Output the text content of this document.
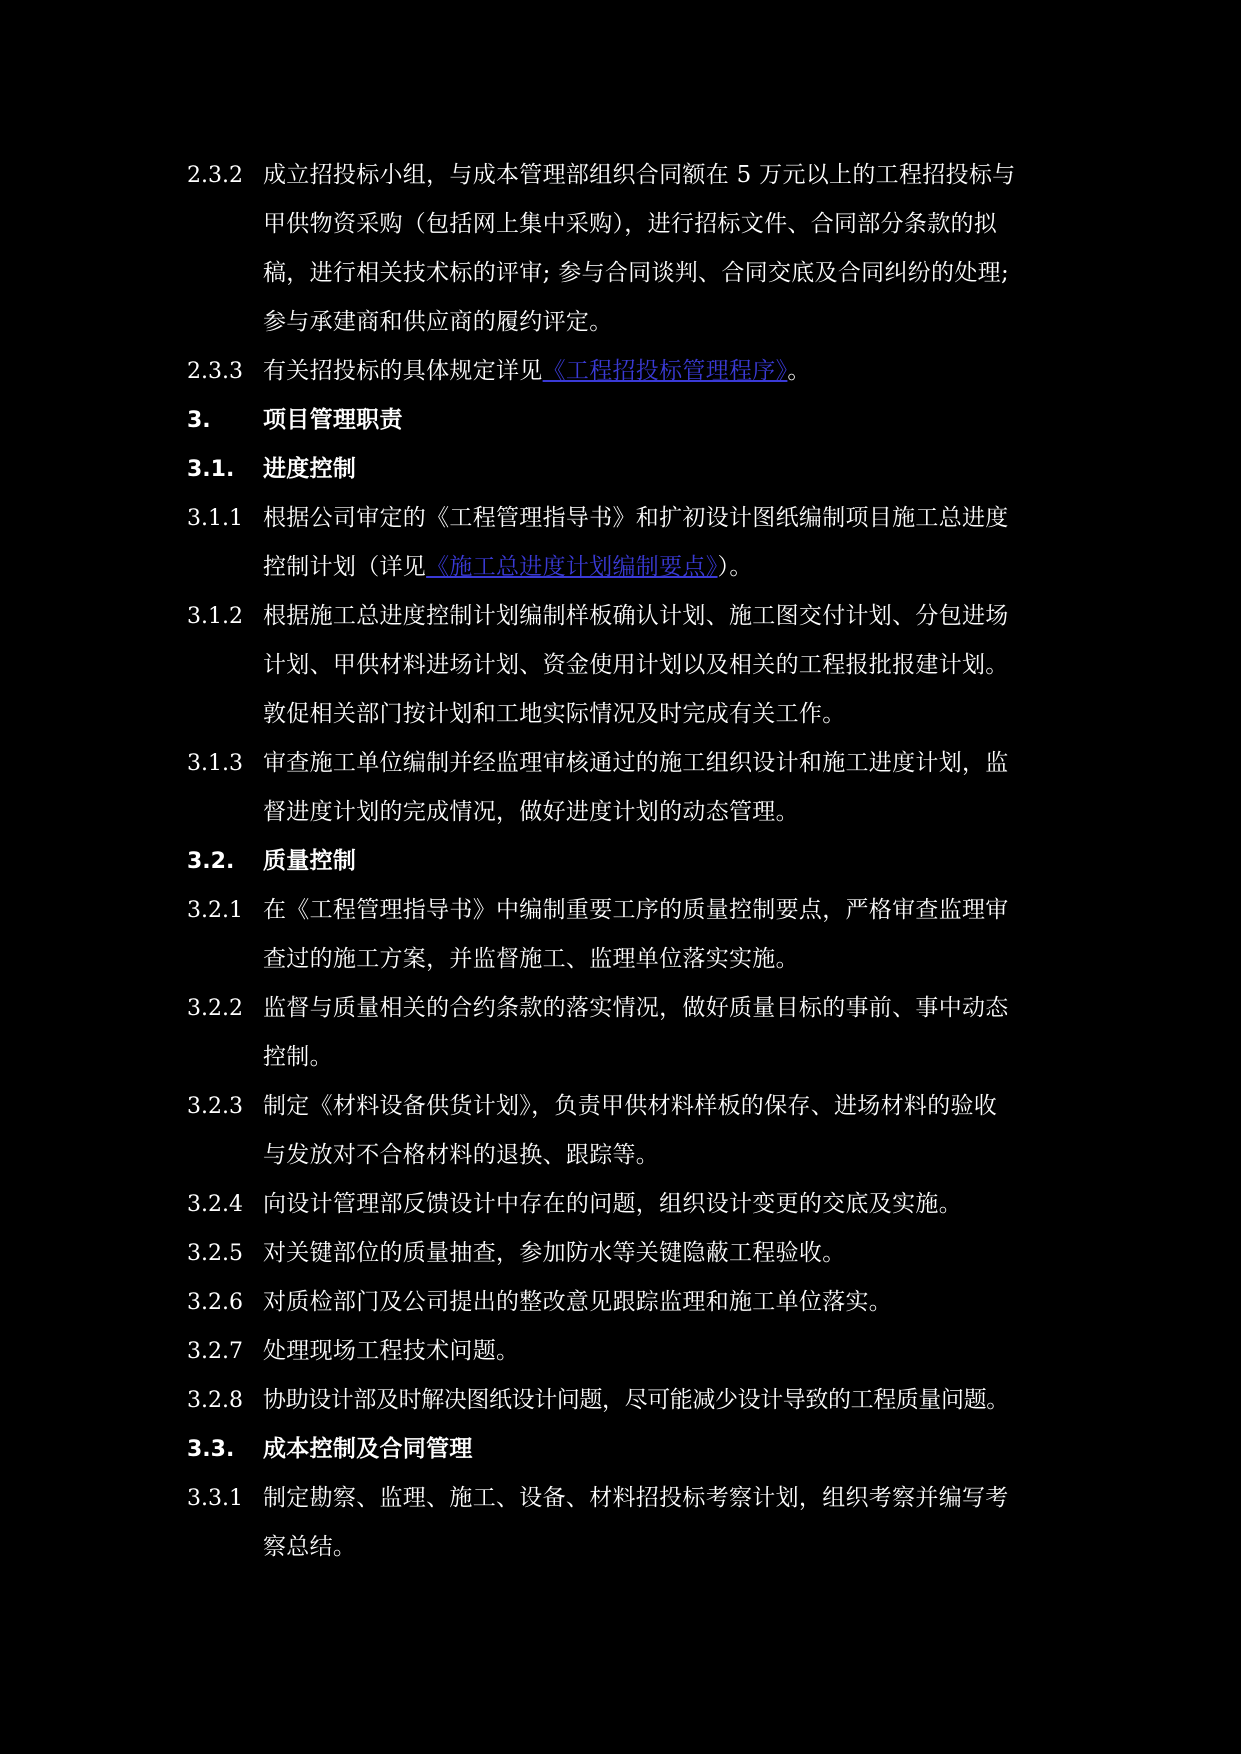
2.3.2 成立招投标小组，与成本管理部组织合同额在 5 万元以上的工程招投标与
甲供物资采购（包括网上集中采购），进行招标文件、合同部分条款的拟
稿，进行相关技术标的评审; 参与合同谈判、合同交底及合同纠纷的处理;
参与承建商和供应商的履约评定。
2.3.3 有关招投标的具体规定详见《工程招投标管理程序》。
3.	项目管理职责
3.1.	进度控制
3.1.1 根据公司审定的《工程管理指导书》和扩初设计图纸编制项目施工总进度
控制计划（详见《施工总进度计划编制要点》）。
3.1.2 根据施工总进度控制计划编制样板确认计划、施工图交付计划、分包进场
计划、甲供材料进场计划、资金使用计划以及相关的工程报批报建计划。
敦促相关部门按计划和工地实际情况及时完成有关工作。
3.1.3 审查施工单位编制并经监理审核通过的施工组织设计和施工进度计划，监
督进度计划的完成情况，做好进度计划的动态管理。
3.2.	质量控制
3.2.1 在《工程管理指导书》中编制重要工序的质量控制要点，严格审查监理审
查过的施工方案，并监督施工、监理单位落实实施。
3.2.2 监督与质量相关的合约条款的落实情况，做好质量目标的事前、事中动态
控制。
3.2.3 制定《材料设备供货计划》，负责甲供材料样板的保存、进场材料的验收
与发放对不合格材料的退换、跟踪等。
3.2.4 向设计管理部反馈设计中存在的问题，组织设计变更的交底及实施。
3.2.5 对关键部位的质量抽查，参加防水等关键隐蔽工程验收。
3.2.6 对质检部门及公司提出的整改意见跟踪监理和施工单位落实。
3.2.7 处理现场工程技术问题。
3.2.8 协助设计部及时解决图纸设计问题，尽可能减少设计导致的工程质量问题。
3.3.	成本控制及合同管理
3.3.1 制定勘察、监理、施工、设备、材料招投标考察计划，组织考察并编写考
察总结。
